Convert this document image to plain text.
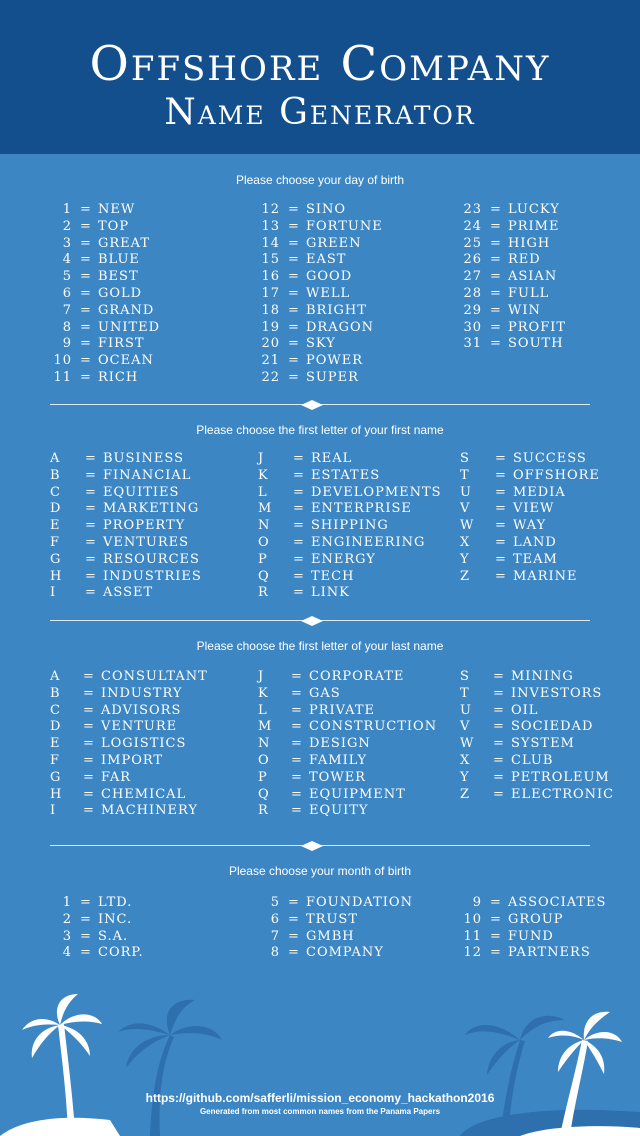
Offshore Company
Name Generator
Please choose your day of birth
1 = NEW
2 = TOP
3 = GREAT
4 = BLUE
5 = BEST
6 = GOLD
7 = GRAND
8 = UNITED
9 = FIRST
10 = OCEAN
11 = RICH
12 = SINO
13 = FORTUNE
14 = GREEN
15 = EAST
16 = GOOD
17 = WELL
18 = BRIGHT
19 = DRAGON
20 = SKY
21 = POWER
22 = SUPER
23 = LUCKY
24 = PRIME
25 = HIGH
26 = RED
27 = ASIAN
28 = FULL
29 = WIN
30 = PROFIT
31 = SOUTH
Please choose the first letter of your first name
A	= BUSINESS
B	= FINANCIAL
C	= EQUITIES
D	= MARKETING
E	= PROPERTY
F	= VENTURES
G	= RESOURCES
H	= INDUSTRIES
I	= ASSET
J	= REAL
K	= ESTATES
L	= DEVELOPMENTS
M	= ENTERPRISE
N	= SHIPPING
O	= ENGINEERING
P	= ENERGY
Q	= TECH
R	= LINK
S	= SUCCESS
T	= OFFSHORE
U	= MEDIA
V	= VIEW
W	= WAY
X	= LAND
Y	= TEAM
Z	= MARINE
Please choose the first letter of your last name
A	= CONSULTANT
B	= INDUSTRY
C	= ADVISORS
D	= VENTURE
E	= LOGISTICS
F	= IMPORT
G	= FAR
H	= CHEMICAL
I	= MACHINERY
J	= CORPORATE
K	= GAS
L	= PRIVATE
M	= CONSTRUCTION
N	= DESIGN
O	= FAMILY
P	= TOWER
Q	= EQUIPMENT
R	= EQUITY
S	= MINING
T	= INVESTORS
U	= OIL
V	= SOCIEDAD
W	= SYSTEM
X	= CLUB
Y	= PETROLEUM
Z	= ELECTRONIC
Please choose your month of birth
1 = LTD.
2 = INC.
3 = S.A.
4 = CORP.
5 = FOUNDATION
6 = TRUST
7 = GMBH
8 = COMPANY
9 = ASSOCIATES
10 = GROUP
11 = FUND
12 = PARTNERS
https://github.com/safferli/mission_economy_hackathon2016
Generated from most common names from the Panama Papers
